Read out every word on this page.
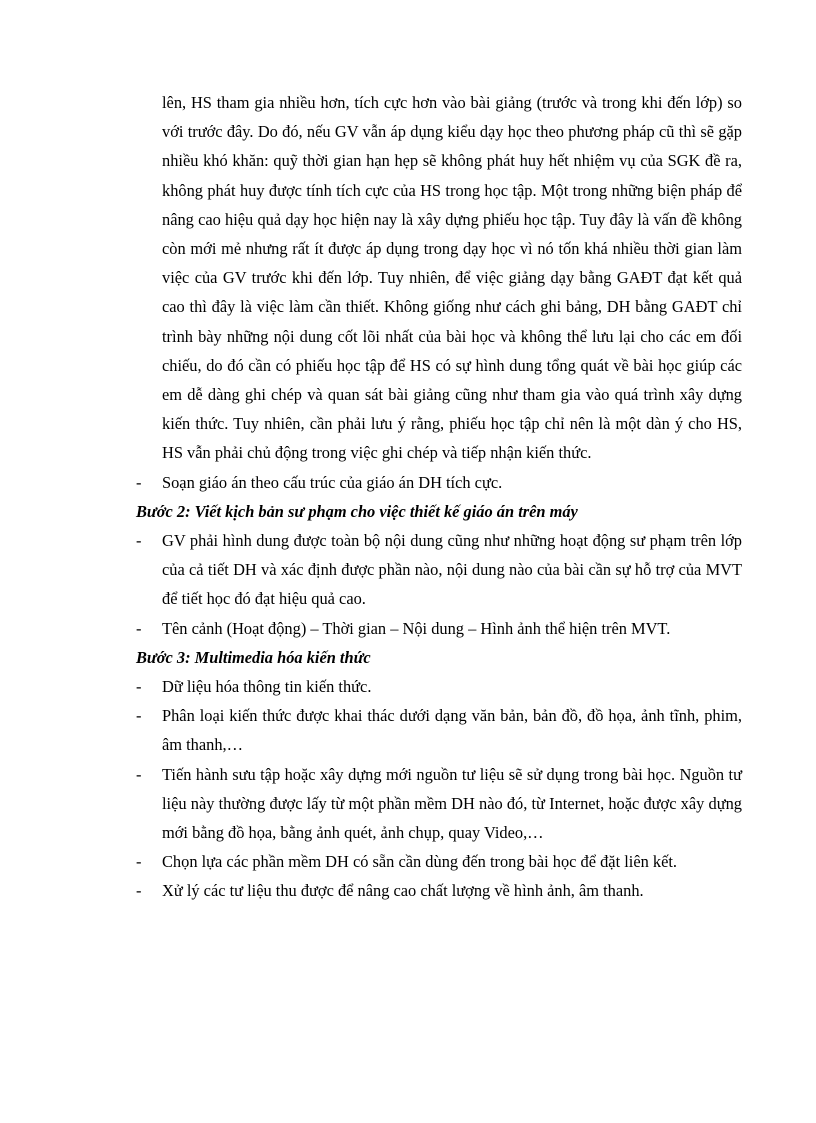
lên, HS tham gia nhiều hơn, tích cực hơn vào bài giảng (trước và trong khi đến lớp) so với trước đây. Do đó, nếu GV vẫn áp dụng kiểu dạy học theo phương pháp cũ thì sẽ gặp nhiều khó khăn: quỹ thời gian hạn hẹp sẽ không phát huy hết nhiệm vụ của SGK đề ra, không phát huy được tính tích cực của HS trong học tập. Một trong những biện pháp để nâng cao hiệu quả dạy học hiện nay là xây dựng phiếu học tập. Tuy đây là vấn đề không còn mới mẻ nhưng rất ít được áp dụng trong dạy học vì nó tốn khá nhiều thời gian làm việc của GV trước khi đến lớp. Tuy nhiên, để việc giảng dạy bằng GAĐT đạt kết quả cao thì đây là việc làm cần thiết. Không giống như cách ghi bảng, DH bằng GAĐT chỉ trình bày những nội dung cốt lõi nhất của bài học và không thể lưu lại cho các em đối chiếu, do đó cần có phiếu học tập để HS có sự hình dung tổng quát về bài học giúp các em dễ dàng ghi chép và quan sát bài giảng cũng như tham gia vào quá trình xây dựng kiến thức. Tuy nhiên, cần phải lưu ý rằng, phiếu học tập chỉ nên là một dàn ý cho HS, HS vẫn phải chủ động trong việc ghi chép và tiếp nhận kiến thức.

-	Soạn giáo án theo cấu trúc của giáo án DH tích cực.

Bước 2: Viết kịch bản sư phạm cho việc thiết kế giáo án trên máy

-	GV phải hình dung được toàn bộ nội dung cũng như những hoạt động sư phạm trên lớp của cả tiết DH và xác định được phần nào, nội dung nào của bài cần sự hỗ trợ của MVT để tiết học đó đạt hiệu quả cao.
-	Tên cảnh (Hoạt động) – Thời gian – Nội dung – Hình ảnh thể hiện trên MVT.

Bước 3: Multimedia hóa kiến thức

-	Dữ liệu hóa thông tin kiến thức.
-	Phân loại kiến thức được khai thác dưới dạng văn bản, bản đồ, đồ họa, ảnh tĩnh, phim, âm thanh,…
-	Tiến hành sưu tập hoặc xây dựng mới nguồn tư liệu sẽ sử dụng trong bài học. Nguồn tư liệu này thường được lấy từ một phần mềm DH nào đó, từ Internet, hoặc được xây dựng mới bằng đồ họa, bằng ảnh quét, ảnh chụp, quay Video,…
-	Chọn lựa các phần mềm DH có sẵn cần dùng đến trong bài học để đặt liên kết.
-	Xử lý các tư liệu thu được để nâng cao chất lượng về hình ảnh, âm thanh.
